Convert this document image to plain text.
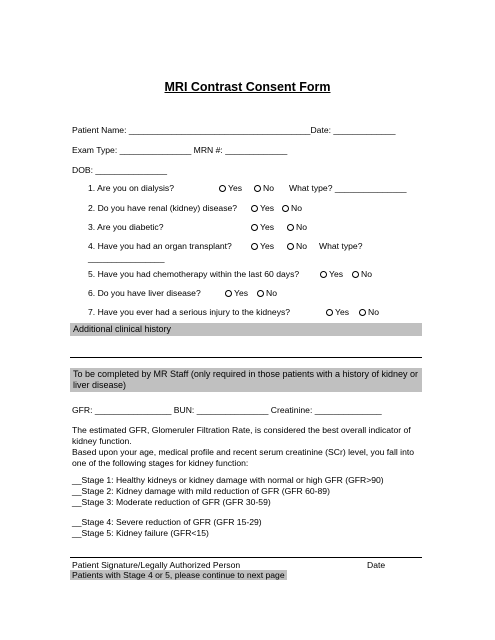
MRI Contrast Consent Form
Patient Name: ______________________________________Date: _____________
Exam Type: _______________ MRN #: _____________
DOB: _______________
1. Are you on dialysis?	Yes	No What type? _______________
2. Do you have renal (kidney) disease?	Yes	No
3. Are you diabetic?	Yes	No
4. Have you had an organ transplant?	Yes	No What type?
________________
5. Have you had chemotherapy within the last 60 days?	Yes	No
6. Do you have liver disease?	Yes	No
7. Have you ever had a serious injury to the kidneys?	Yes	No
Additional clinical history
To be completed by MR Staff (only required in those patients with a history of kidney or liver disease)
GFR: ________________ BUN: _______________ Creatinine: ______________
The estimated GFR, Glomeruler Filtration Rate, is considered the best overall indicator of kidney function.
Based upon your age, medical profile and recent serum creatinine (SCr) level, you fall into one of the following stages for kidney function:
__Stage 1: Healthy kidneys or kidney damage with normal or high GFR (GFR>90)
__Stage 2: Kidney damage with mild reduction of GFR (GFR 60-89)
__Stage 3: Moderate reduction of GFR (GFR 30-59)
__Stage 4: Severe reduction of GFR (GFR 15-29)
__Stage 5: Kidney failure (GFR<15)
Patient Signature/Legally Authorized Person	Date
Patients with Stage 4 or 5, please continue to next page
